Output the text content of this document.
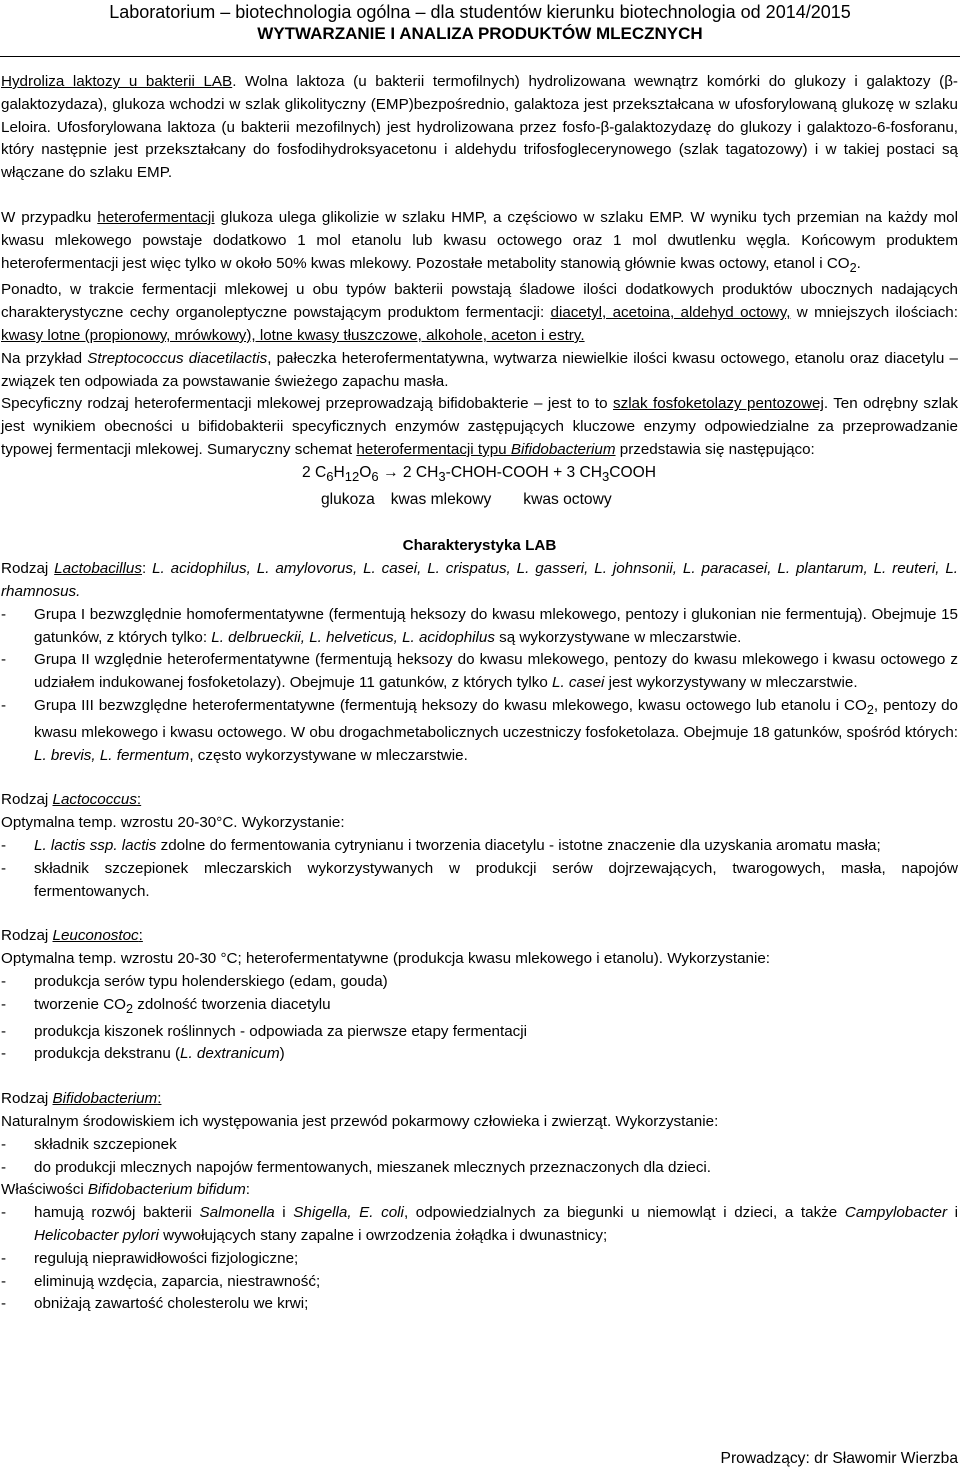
Laboratorium – biotechnologia ogólna – dla studentów kierunku biotechnologia od 2014/2015
WYTWARZANIE I ANALIZA PRODUKTÓW MLECZNYCH

Hydroliza laktozy u bakterii LAB. Wolna laktoza (u bakterii termofilnych) hydrolizowana wewnątrz komórki do glukozy i galaktozy (β-galaktozydaza), glukoza wchodzi w szlak glikolityczny (EMP)bezpośrednio, galaktoza jest przekształcana w ufosforylowaną glukozę w szlaku Leloira. Ufosforylowana laktoza (u bakterii mezofilnych) jest hydrolizowana przez fosfo-β-galaktozydazę do glukozy i galaktozo-6-fosforanu, który następnie jest przekształcany do fosfodihydroksyacetonu i aldehydu trifosfoglecerynowego (szlak tagatozowy) i w takiej postaci są włączane do szlaku EMP.

W przypadku heterofermentacji glukoza ulega glikolizie w szlaku HMP, a częściowo w szlaku EMP. W wyniku tych przemian na każdy mol kwasu mlekowego powstaje dodatkowo 1 mol etanolu lub kwasu octowego oraz 1 mol dwutlenku węgla. Końcowym produktem heterofermentacji jest więc tylko w około 50% kwas mlekowy. Pozostałe metabolity stanowią głównie kwas octowy, etanol i $CO_2$.

Ponadto, w trakcie fermentacji mlekowej u obu typów bakterii powstają śladowe ilości dodatkowych produktów ubocznych nadających charakterystyczne cechy organoleptyczne powstającym produktom fermentacji: diacetyl, acetoina, aldehyd octowy, w mniejszych ilościach: kwasy lotne (propionowy, mrówkowy), lotne kwasy tłuszczowe, alkohole, aceton i estry.

Na przykład Streptococcus diacetilactis, pałeczka heterofermentatywna, wytwarza niewielkie ilości kwasu octowego, etanolu oraz diacetylu – związek ten odpowiada za powstawanie świeżego zapachu masła.

Specyficzny rodzaj heterofermentacji mlekowej przeprowadzają bifidobakterie – jest to to szlak fosfoketolazy pentozowej. Ten odrębny szlak jest wynikiem obecności u bifidobakterii specyficznych enzymów zastępujących kluczowe enzymy odpowiedzialne za przeprowadzanie typowej fermentacji mlekowej. Sumaryczny schemat heterofermentacji typu Bifidobacterium przedstawia się następująco:

2 $C_6H_{12}O_6 \to 2$ $CH_3-CHOH$-COOH + 3 $CH_3COOH$
glukoza kwas mlekowy kwas octowy
Charakterystyka LAB

Rodzaj Lactobacillus: L. acidophilus, L. amylovorus, L. casei, L. crispatus, L. gasseri, L. johnsonii, L. paracasei, L. plantarum, L. reuteri, L. rhamnosus.

-	Grupa I bezwzględnie homofermentatywne (fermentują heksozy do kwasu mlekowego, pentozy i glukonian nie fermentują). Obejmuje 15 gatunków, z których tylko: L. delbrueckii, L. helveticus, L. acidophilus są wykorzystywane w mleczarstwie.
-	Grupa II względnie heterofermentatywne (fermentują heksozy do kwasu mlekowego, pentozy do kwasu mlekowego i kwasu octowego z udziałem indukowanej fosfoketolazy). Obejmuje 11 gatunków, z których tylko L. casei jest wykorzystywany w mleczarstwie.
-	Grupa III bezwzględne heterofermentatywne (fermentują heksozy do kwasu mlekowego, kwasu octowego lub etanolu i $CO_2$, pentozy do kwasu mlekowego i kwasu octowego. W obu drogachmetabolicznych uczestniczy fosfoketolaza. Obejmuje 18 gatunków, spośród których: L. brevis, L. fermentum, często wykorzystywane w mleczarstwie.

Rodzaj Lactococcus:

Optymalna temp. wzrostu 20-30°C. Wykorzystanie:

-	L. lactis ssp. lactis zdolne do fermentowania cytrynianu i tworzenia diacetylu - istotne znaczenie dla uzyskania aromatu masła;
-	składnik szczepionek mleczarskich wykorzystywanych w produkcji serów dojrzewających, twarogowych, masła, napojów fermentowanych.

Rodzaj Leuconostoc:

Optymalna temp. wzrostu 20-30 °C; heterofermentatywne (produkcja kwasu mlekowego i etanolu). Wykorzystanie:

-	produkcja serów typu holenderskiego (edam, gouda)
-	tworzenie $CO_2$ zdolność tworzenia diacetylu
-	produkcja kiszonek roślinnych - odpowiada za pierwsze etapy fermentacji
-	produkcja dekstranu (L. dextranicum)

Rodzaj Bifidobacterium:

Naturalnym środowiskiem ich występowania jest przewód pokarmowy człowieka i zwierząt. Wykorzystanie:

-	składnik szczepionek
-	do produkcji mlecznych napojów fermentowanych, mieszanek mlecznych przeznaczonych dla dzieci.

Właściwości Bifidobacterium bifidum:

-	hamują rozwój bakterii Salmonella i Shigella, E. coli, odpowiedzialnych za biegunki u niemowląt i dzieci, a także Campylobacter i Helicobacter pylori wywołujących stany zapalne i owrzodzenia żołądka i dwunastnicy;
-	regulują nieprawidłowości fizjologiczne;
-	eliminują wzdęcia, zaparcia, niestrawność;
-	obniżają zawartość cholesterolu we krwi;
Prowadzący: dr Sławomir Wierzba
